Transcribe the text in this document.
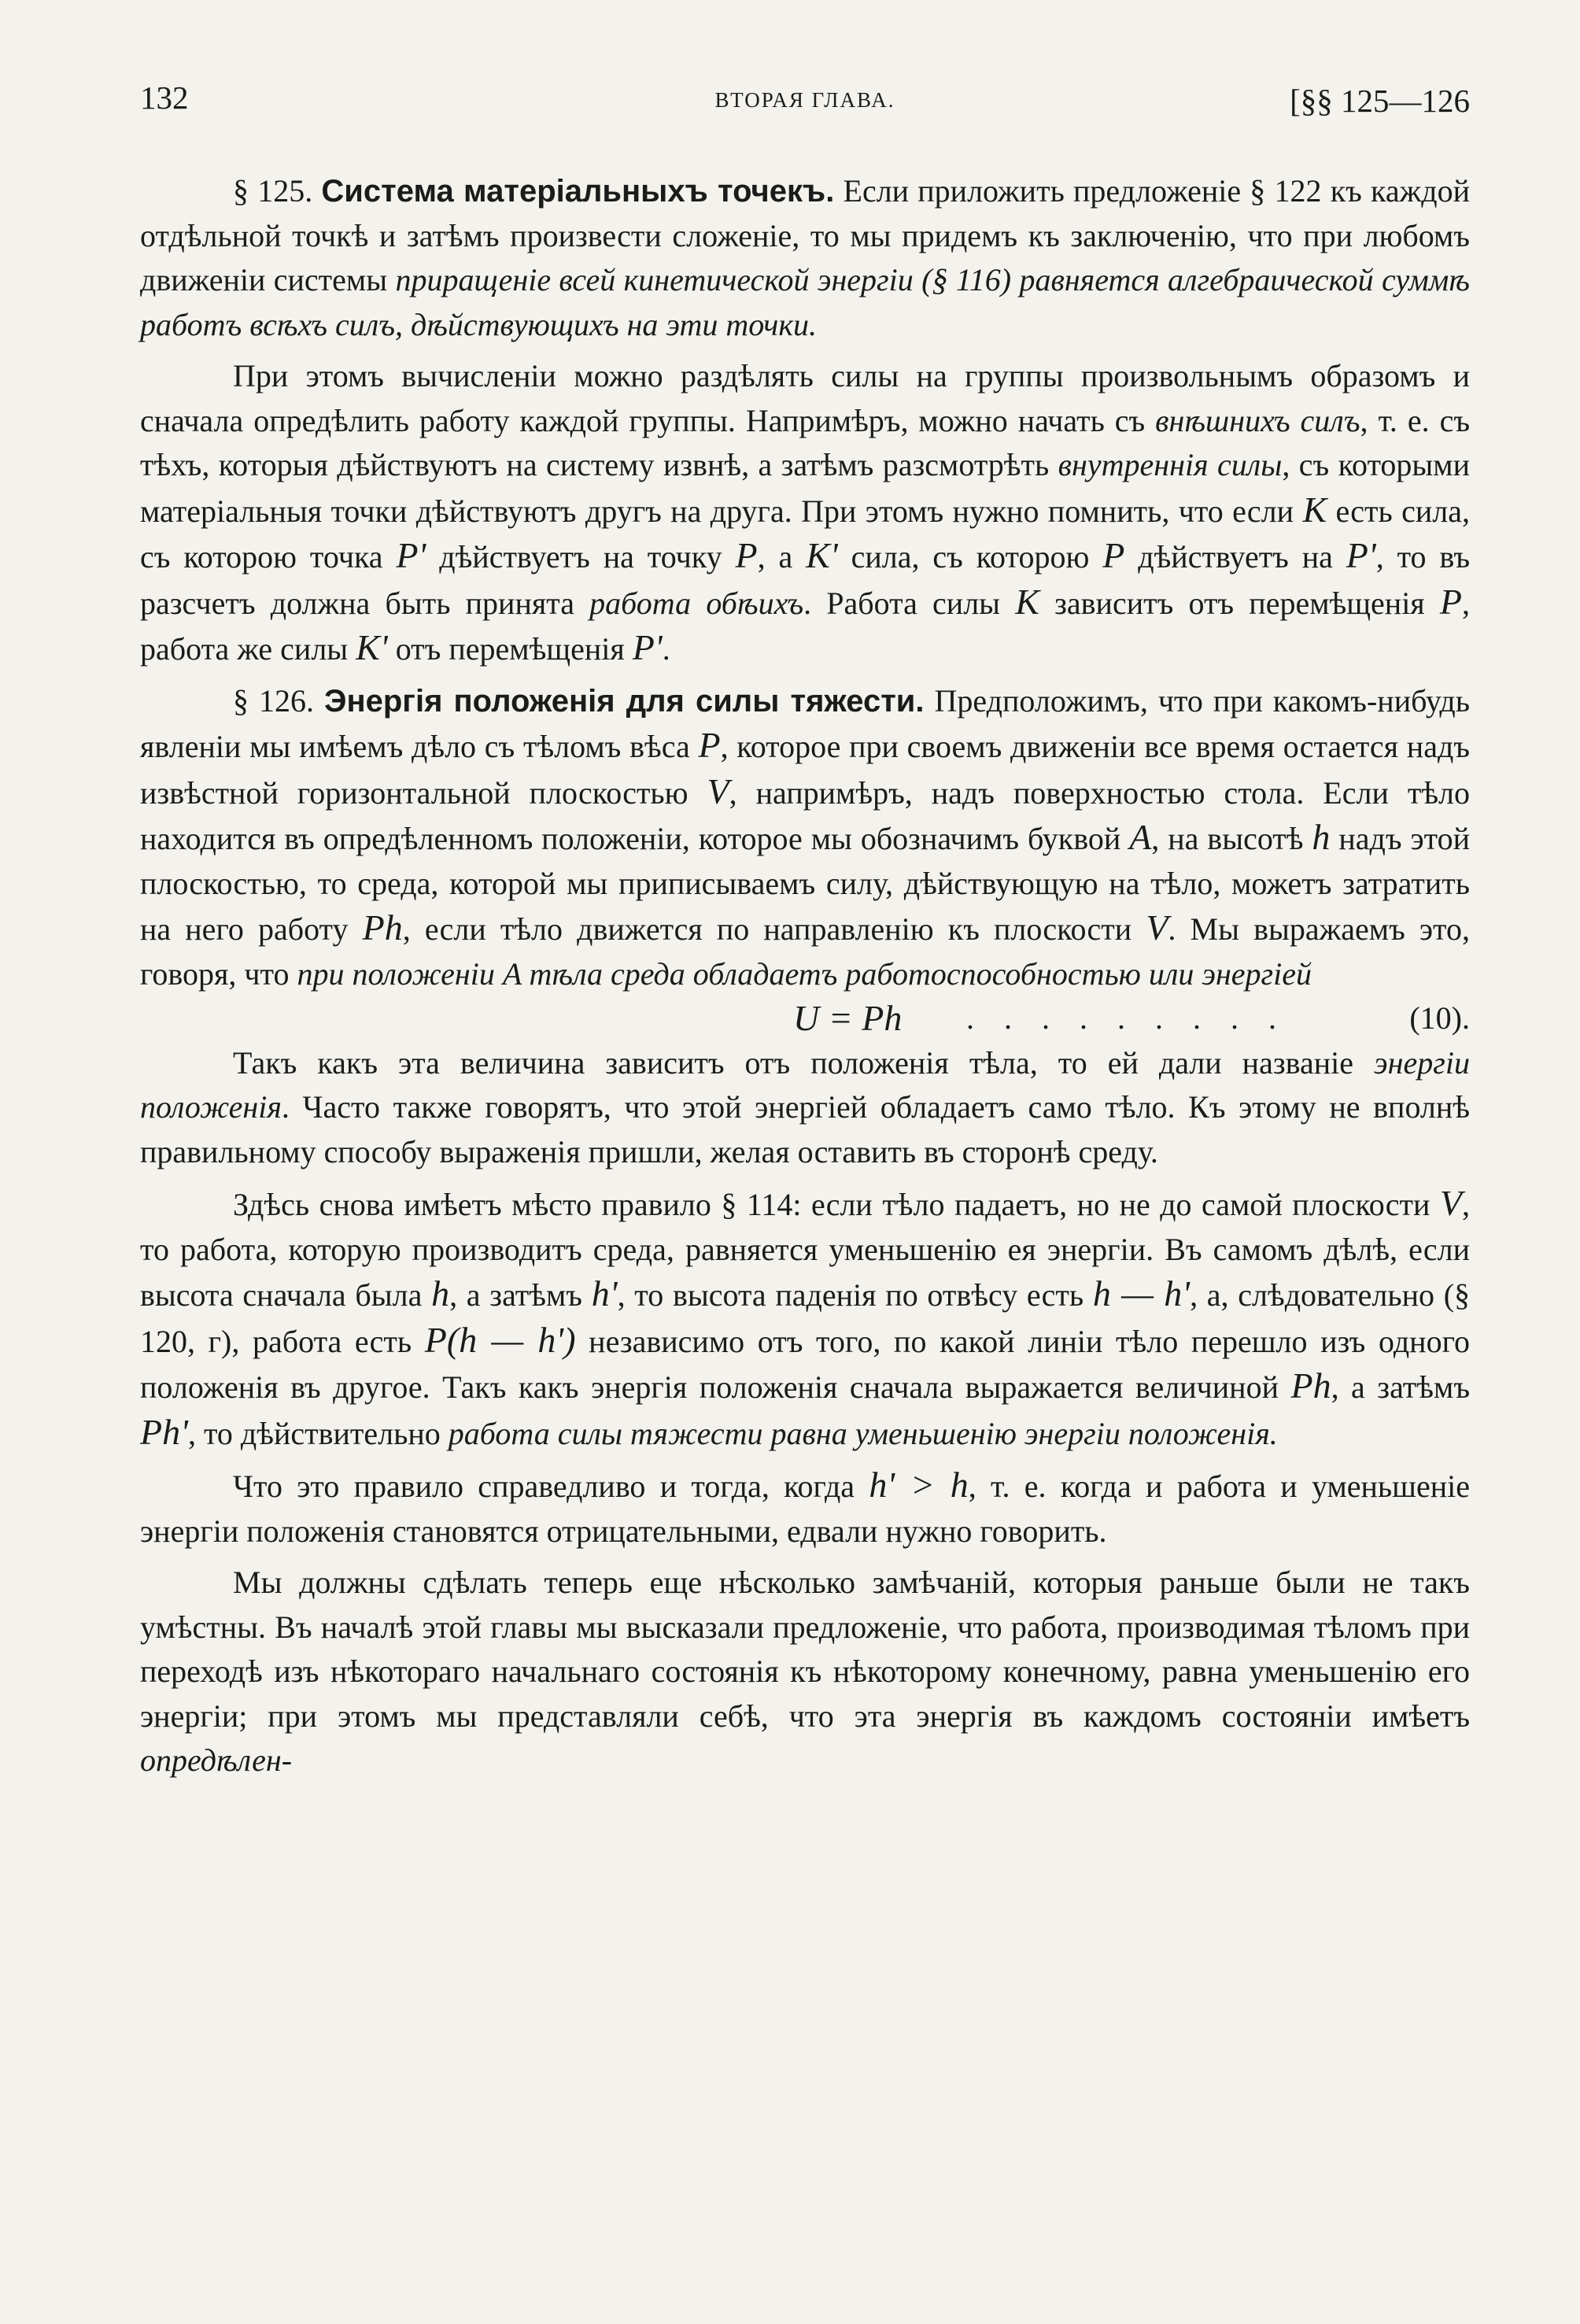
132	ВТОРАЯ ГЛАВА.	[§§ 125—126

§ 125. Система матеріальныхъ точекъ. Если приложить предложеніе § 122 къ каждой отдѣльной точкѣ и затѣмъ произвести сложеніе, то мы придемъ къ заключенію, что при любомъ движеніи системы приращеніе всей кинетической энергіи (§ 116) равняется алгебраической суммѣ работъ всѣхъ силъ, дѣйствующихъ на эти точки.

При этомъ вычисленіи можно раздѣлять силы на группы произвольнымъ образомъ и сначала опредѣлить работу каждой группы. Напримѣръ, можно начать съ внѣшнихъ силъ, т. е. съ тѣхъ, которыя дѣйствуютъ на систему извнѣ, а затѣмъ разсмотрѣть внутреннія силы, съ которыми матеріальныя точки дѣйствуютъ другъ на друга. При этомъ нужно помнить, что если K есть сила, съ которою точка P' дѣйствуетъ на точку P, а K' сила, съ которою P дѣйствуетъ на P', то въ разсчетъ должна быть принята работа обѣихъ. Работа силы K зависитъ отъ перемѣщенія P, работа же силы K' отъ перемѣщенія P'.

§ 126. Энергія положенія для силы тяжести. Предположимъ, что при какомъ-нибудь явленіи мы имѣемъ дѣло съ тѣломъ вѣса P, которое при своемъ движеніи все время остается надъ извѣстной горизонтальной плоскостью V, напримѣръ, надъ поверхностью стола. Если тѣло находится въ опредѣленномъ положеніи, которое мы обозначимъ буквой A, на высотѣ h надъ этой плоскостью, то среда, которой мы приписываемъ силу, дѣйствующую на тѣло, можетъ затратить на него работу Ph, если тѣло движется по направленію къ плоскости V. Мы выражаемъ это, говоря, что при положеніи A тѣла среда обладаетъ работоспособностью или энергіей

U = Ph . . . . . . . . .	(10).

Такъ какъ эта величина зависитъ отъ положенія тѣла, то ей дали названіе энергіи положенія. Часто также говорятъ, что этой энергіей обладаетъ само тѣло. Къ этому не вполнѣ правильному способу выраженія пришли, желая оставить въ сторонѣ среду.

Здѣсь снова имѣетъ мѣсто правило § 114: если тѣло падаетъ, но не до самой плоскости V, то работа, которую производитъ среда, равняется уменьшенію ея энергіи. Въ самомъ дѣлѣ, если высота сначала была h, а затѣмъ h', то высота паденія по отвѣсу есть h — h', а, слѣдовательно (§ 120, г), работа есть P(h — h') независимо отъ того, по какой линіи тѣло перешло изъ одного положенія въ другое. Такъ какъ энергія положенія сначала выражается величиной Ph, а затѣмъ Ph', то дѣйствительно работа силы тяжести равна уменьшенію энергіи положенія.

Что это правило справедливо и тогда, когда h' > h, т. е. когда и работа и уменьшеніе энергіи положенія становятся отрицательными, едвали нужно говорить.

Мы должны сдѣлать теперь еще нѣсколько замѣчаній, которыя раньше были не такъ умѣстны. Въ началѣ этой главы мы высказали предложеніе, что работа, производимая тѣломъ при переходѣ изъ нѣкотораго начальнаго состоянія къ нѣкоторому конечному, равна уменьшенію его энергіи; при этомъ мы представляли себѣ, что эта энергія въ каждомъ состояніи имѣетъ опредѣлен-
